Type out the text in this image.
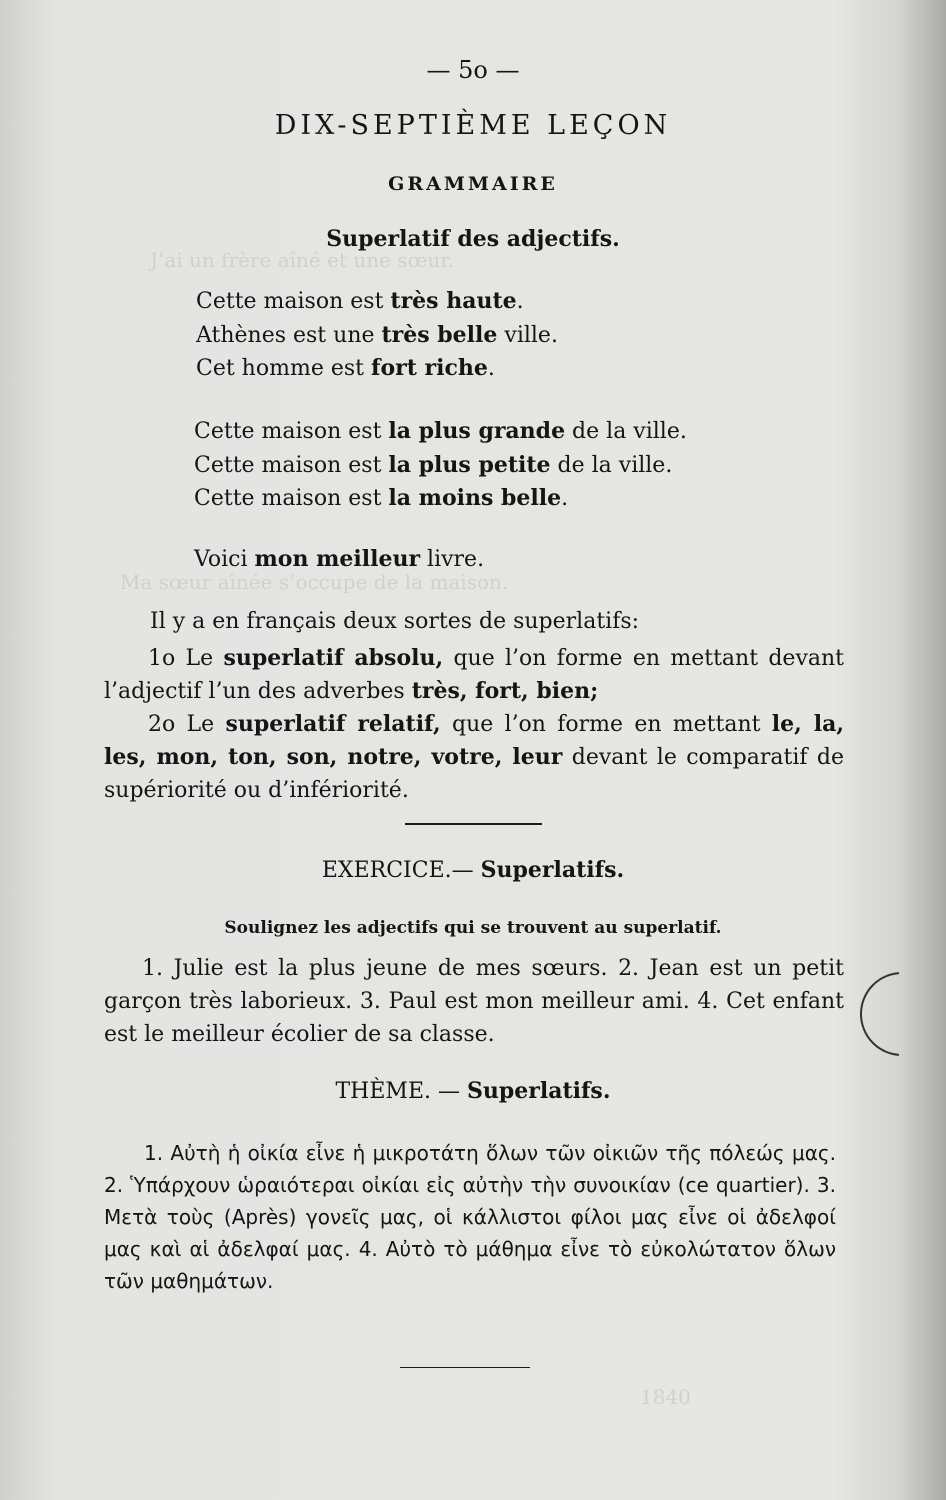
J’ai un frère aîné et une sœur.
Ma sœur aînée s’occupe de la maison.
1840
— 5o —
DIX-SEPTIÈME LEÇON
GRAMMAIRE
Superlatif des adjectifs.
Cette maison est très haute.
Athènes est une très belle ville.
Cet homme est fort riche.
Cette maison est la plus grande de la ville.
Cette maison est la plus petite de la ville.
Cette maison est la moins belle.
Voici mon meilleur livre.
Il y a en français deux sortes de superlatifs:
1o Le superlatif absolu, que l’on forme en mettant devant l’adjectif l’un des adverbes très, fort, bien;
2o Le superlatif relatif, que l’on forme en mettant le, la, les, mon, ton, son, notre, votre, leur devant le comparatif de supériorité ou d’infériorité.
EXERCICE.— Superlatifs.
Soulignez les adjectifs qui se trouvent au superlatif.
1. Julie est la plus jeune de mes sœurs. 2. Jean est un petit garçon très laborieux. 3. Paul est mon meilleur ami. 4. Cet enfant est le meilleur écolier de sa classe.
THÈME. — Superlatifs.
1. Αὐτὴ ἡ οἰκία εἶνε ἡ μικροτάτη ὅλων τῶν οἰκιῶν τῆς πόλεώς μας. 2. Ὑπάρχουν ὡραιότεραι οἰκίαι εἰς αὐτὴν τὴν συνοικίαν (ce quartier). 3. Μετὰ τοὺς (Après) γονεῖς μας, οἱ κάλλιστοι φίλοι μας εἶνε οἱ ἀδελφοί μας καὶ αἱ ἀδελφαί μας. 4. Αὐτὸ τὸ μάθημα εἶνε τὸ εὐκολώτατον ὅλων τῶν μαθημάτων.
